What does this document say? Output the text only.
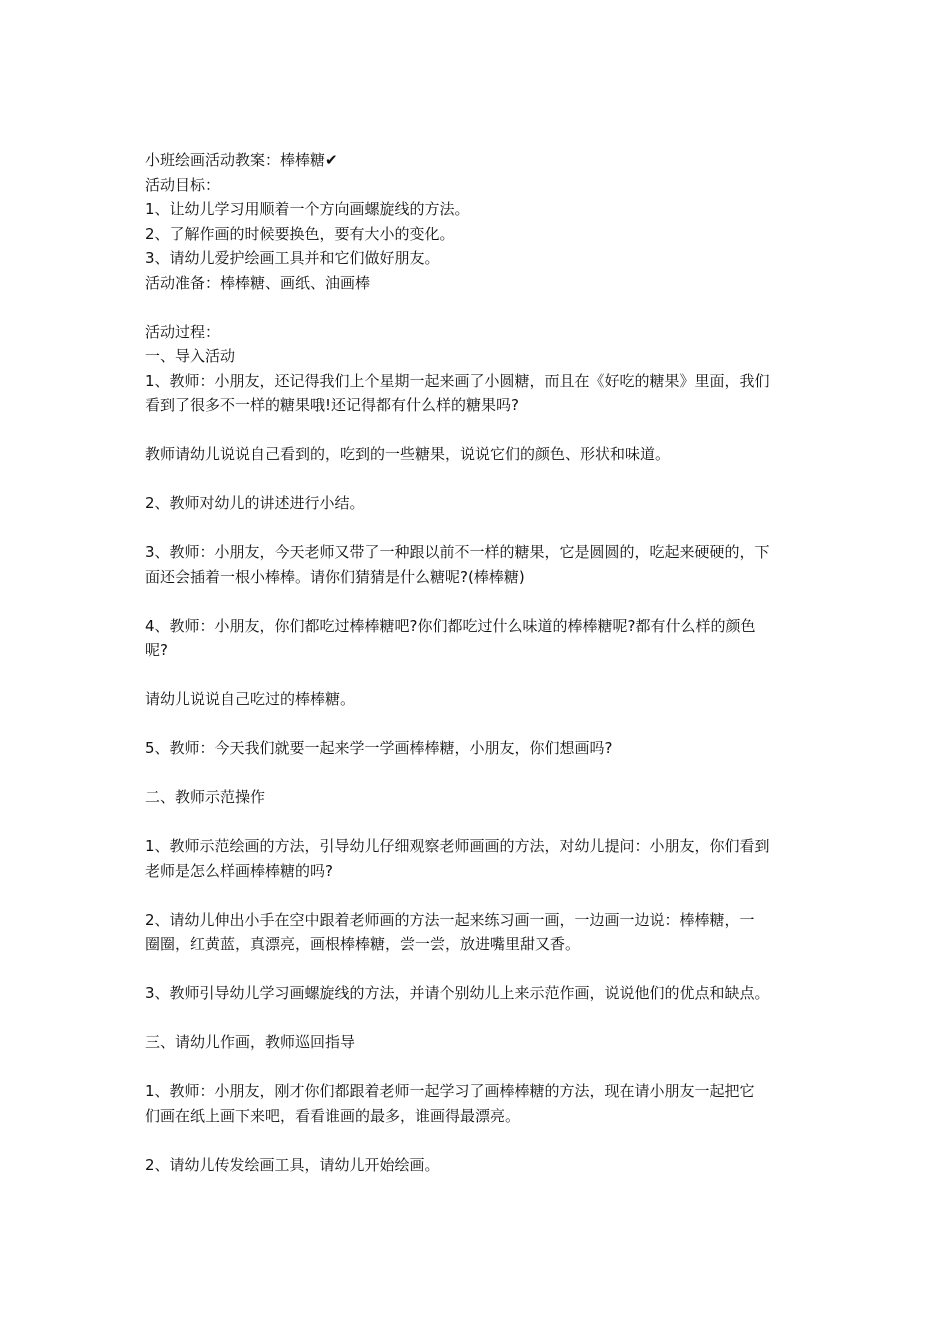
小班绘画活动教案：棒棒糖✔
活动目标：
1、让幼儿学习用顺着一个方向画螺旋线的方法。
2、了解作画的时候要换色，要有大小的变化。
3、请幼儿爱护绘画工具并和它们做好朋友。
活动准备：棒棒糖、画纸、油画棒
活动过程：
一、导入活动
1、教师：小朋友，还记得我们上个星期一起来画了小圆糖，而且在《好吃的糖果》里面，我们
看到了很多不一样的糖果哦!还记得都有什么样的糖果吗?
教师请幼儿说说自己看到的，吃到的一些糖果，说说它们的颜色、形状和味道。
2、教师对幼儿的讲述进行小结。
3、教师：小朋友，今天老师又带了一种跟以前不一样的糖果，它是圆圆的，吃起来硬硬的，下
面还会插着一根小棒棒。请你们猜猜是什么糖呢?(棒棒糖)
4、教师：小朋友，你们都吃过棒棒糖吧?你们都吃过什么味道的棒棒糖呢?都有什么样的颜色
呢?
请幼儿说说自己吃过的棒棒糖。
5、教师：今天我们就要一起来学一学画棒棒糖，小朋友，你们想画吗?
二、教师示范操作
1、教师示范绘画的方法，引导幼儿仔细观察老师画画的方法，对幼儿提问：小朋友，你们看到
老师是怎么样画棒棒糖的吗?
2、请幼儿伸出小手在空中跟着老师画的方法一起来练习画一画，一边画一边说：棒棒糖，一
圈圈，红黄蓝，真漂亮，画根棒棒糖，尝一尝，放进嘴里甜又香。
3、教师引导幼儿学习画螺旋线的方法，并请个别幼儿上来示范作画，说说他们的优点和缺点。
三、请幼儿作画，教师巡回指导
1、教师：小朋友，刚才你们都跟着老师一起学习了画棒棒糖的方法，现在请小朋友一起把它
们画在纸上画下来吧，看看谁画的最多，谁画得最漂亮。
2、请幼儿传发绘画工具，请幼儿开始绘画。
